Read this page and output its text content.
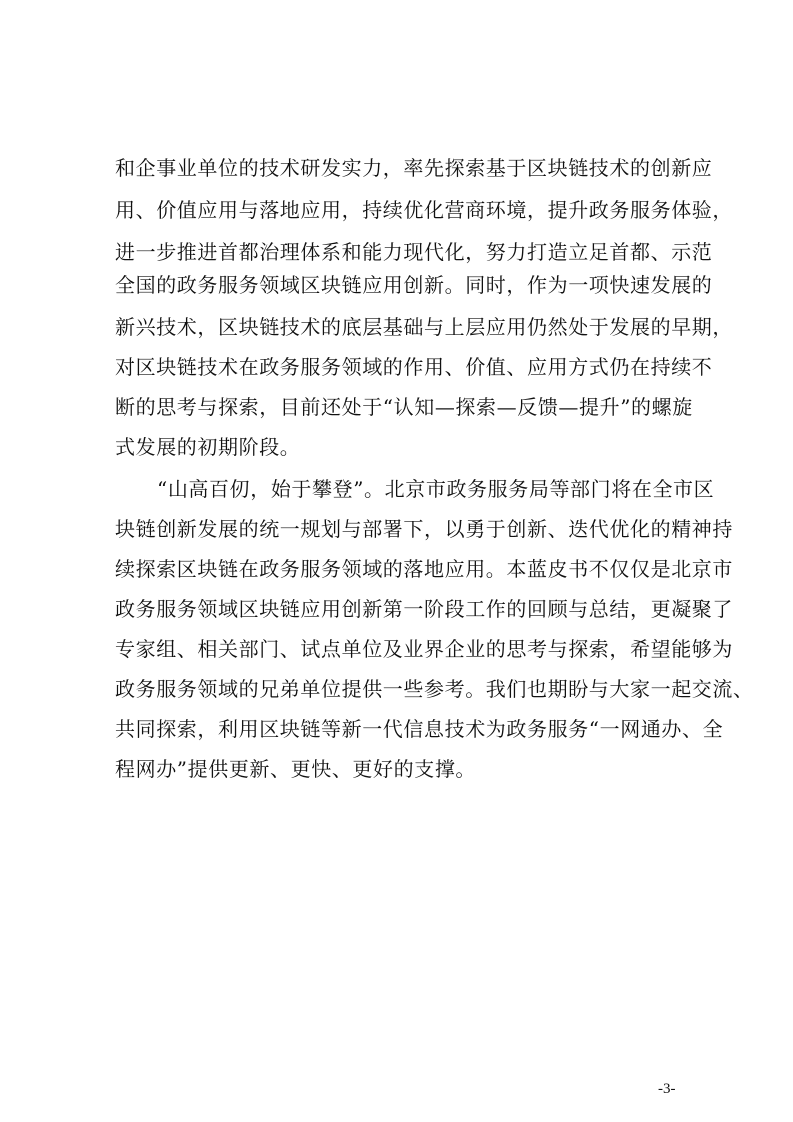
和企事业单位的技术研发实力，率先探索基于区块链技术的创新应
用、价值应用与落地应用，持续优化营商环境，提升政务服务体验，
进一步推进首都治理体系和能力现代化，努力打造立足首都、示范
全国的政务服务领域区块链应用创新。同时，作为一项快速发展的
新兴技术，区块链技术的底层基础与上层应用仍然处于发展的早期，
对区块链技术在政务服务领域的作用、价值、应用方式仍在持续不
断的思考与探索，目前还处于“认知—探索—反馈—提升”的螺旋
式发展的初期阶段。
“山高百仞，始于攀登”。北京市政务服务局等部门将在全市区
块链创新发展的统一规划与部署下，以勇于创新、迭代优化的精神持
续探索区块链在政务服务领域的落地应用。本蓝皮书不仅仅是北京市
政务服务领域区块链应用创新第一阶段工作的回顾与总结，更凝聚了
专家组、相关部门、试点单位及业界企业的思考与探索，希望能够为
政务服务领域的兄弟单位提供一些参考。我们也期盼与大家一起交流、
共同探索，利用区块链等新一代信息技术为政务服务“一网通办、全
程网办”提供更新、更快、更好的支撑。
-3-
